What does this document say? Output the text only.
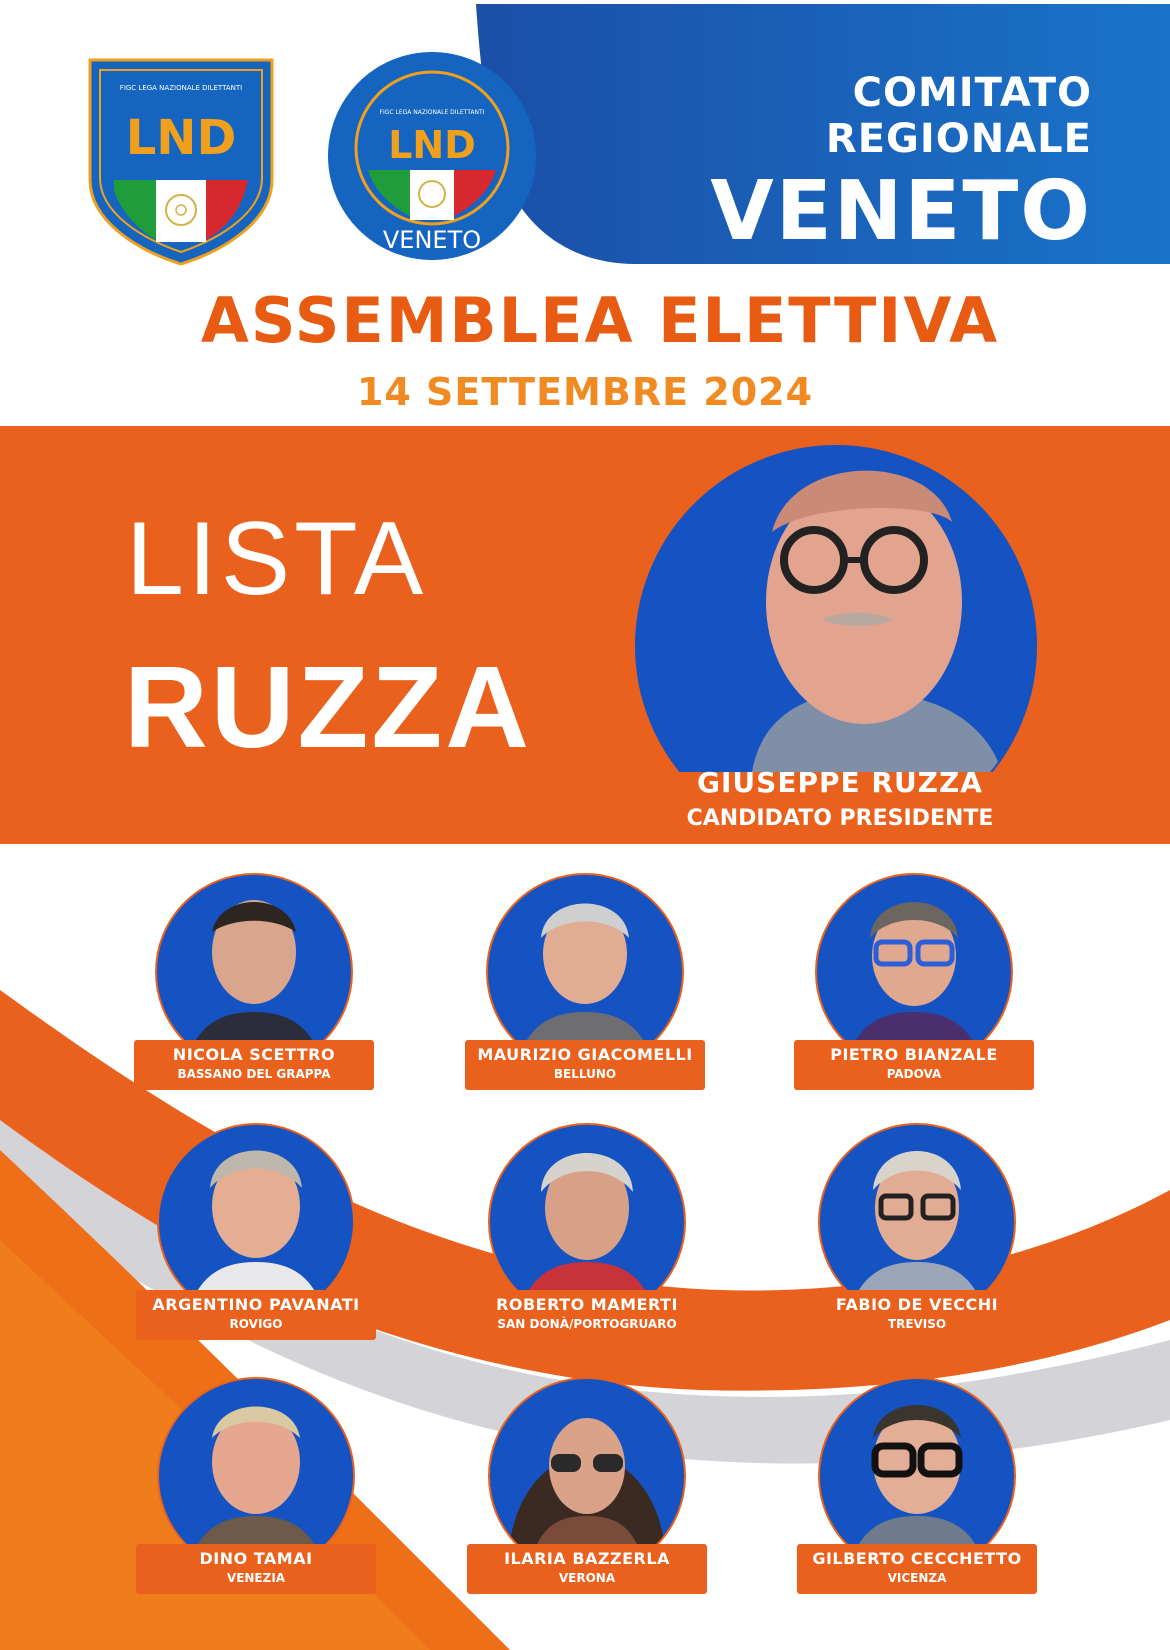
COMITATO REGIONALE
VENETO
FIGC LEGA NAZIONALE DILETTANTI
LND	FIGC LEGA NAZIONALE DILETTANTI
LND
VENETO
ASSEMBLEA ELETTIVA
14 SETTEMBRE 2024
LISTA
RUZZA
GIUSEPPE RUZZA
CANDIDATO PRESIDENTE
NICOLA SCETTRO
BASSANO DEL GRAPPA
MAURIZIO GIACOMELLI
BELLUNO
PIETRO BIANZALE
PADOVA
ARGENTINO PAVANATI
ROVIGO
ROBERTO MAMERTI
SAN DONÀ/PORTOGRUARO
FABIO DE VECCHI
TREVISO
DINO TAMAI
VENEZIA
ILARIA BAZZERLA
VERONA
GILBERTO CECCHETTO
VICENZA
